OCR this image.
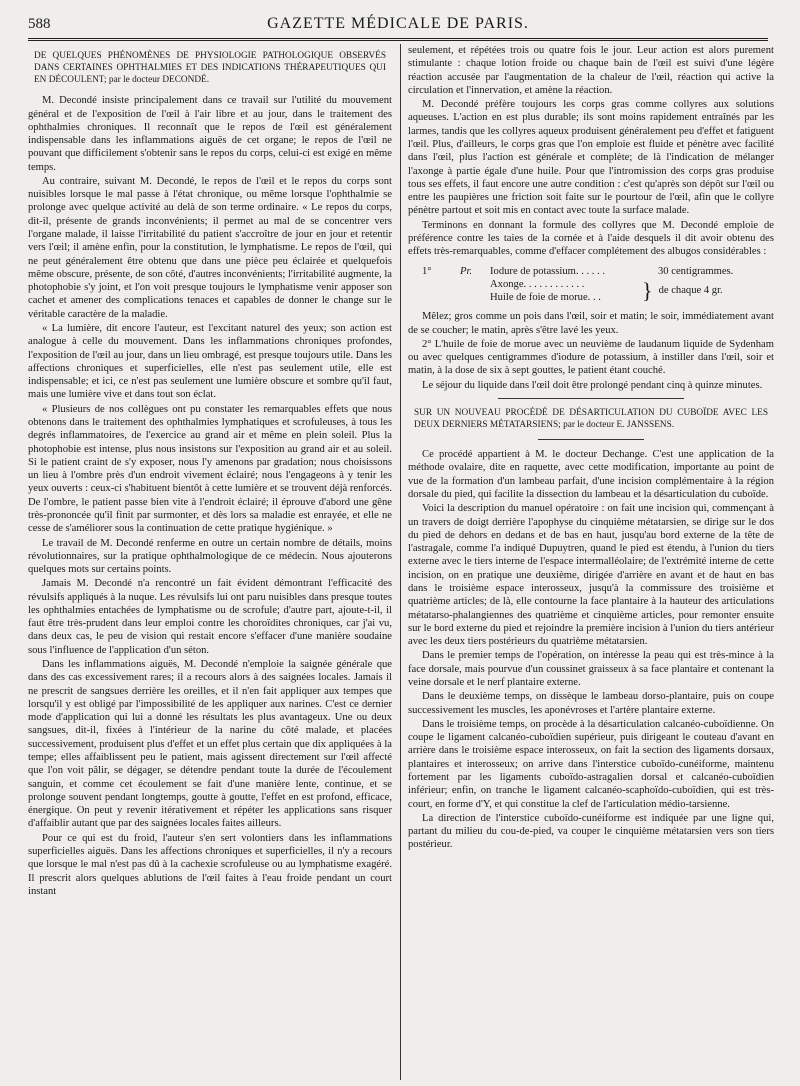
588	GAZETTE MÉDICALE DE PARIS.
DE QUELQUES PHÉNOMÈNES DE PHYSIOLOGIE PATHOLOGIQUE OBSERVÉS DANS CERTAINES OPHTHALMIES ET DES INDICATIONS THÉRAPEUTIQUES QUI EN DÉCOULENT; par le docteur DECONDÉ.

M. Decondé insiste principalement dans ce travail sur l'utilité du mouvement général et de l'exposition de l'œil à l'air libre et au jour, dans le traitement des ophthalmies chroniques. Il reconnaît que le repos de l'œil est généralement indispensable dans les inflammations aiguës de cet organe; le repos de l'œil ne pouvant que difficilement s'obtenir sans le repos du corps, celui-ci est exigé en même temps.

Au contraire, suivant M. Decondé, le repos de l'œil et le repos du corps sont nuisibles lorsque le mal passe à l'état chronique, ou même lorsque l'ophthalmie se prolonge avec quelque activité au delà de son terme ordinaire. « Le repos du corps, dit-il, présente de grands inconvénients; il permet au mal de se concentrer vers l'organe malade, il laisse l'irritabilité du patient s'accroître de jour en jour et retentir vers l'œil; il amène enfin, pour la constitution, le lymphatisme. Le repos de l'œil, qui ne peut généralement être obtenu que dans une pièce peu éclairée et quelquefois même obscure, présente, de son côté, d'autres inconvénients; l'irritabilité augmente, la photophobie s'y joint, et l'on voit presque toujours le lymphatisme venir apposer son cachet et amener des complications tenaces et capables de donner le change sur le véritable caractère de la maladie.

« La lumière, dit encore l'auteur, est l'excitant naturel des yeux; son action est analogue à celle du mouvement. Dans les inflammations chroniques profondes, l'exposition de l'œil au jour, dans un lieu ombragé, est presque toujours utile. Dans les affections chroniques et superficielles, elle n'est pas seulement utile, elle est indispensable; et ici, ce n'est pas seulement une lumière obscure et sombre qu'il faut, mais une lumière vive et dans tout son éclat.

« Plusieurs de nos collègues ont pu constater les remarquables effets que nous obtenons dans le traitement des ophthalmies lymphatiques et scrofuleuses, à tous les degrés inflammatoires, de l'exercice au grand air et même en plein soleil. Plus la photophobie est intense, plus nous insistons sur l'exposition au grand air et au soleil. Si le patient craint de s'y exposer, nous l'y amenons par gradation; nous choisissons un lieu à l'ombre près d'un endroit vivement éclairé; nous l'engageons à y tenir les yeux ouverts : ceux-ci s'habituent bientôt à cette lumière et se trouvent déjà renforcés. De l'ombre, le patient passe bien vite à l'endroit éclairé; il éprouve d'abord une gêne très-prononcée qu'il finit par surmonter, et dès lors sa maladie est enrayée, et elle ne cesse de s'améliorer sous la continuation de cette pratique hygiénique. »

Le travail de M. Decondé renferme en outre un certain nombre de détails, moins révolutionnaires, sur la pratique ophthalmologique de ce médecin. Nous ajouterons quelques mots sur certains points.

Jamais M. Decondé n'a rencontré un fait évident démontrant l'efficacité des révulsifs appliqués à la nuque. Les révulsifs lui ont paru nuisibles dans presque toutes les ophthalmies entachées de lymphatisme ou de scrofule; d'autre part, ajoute-t-il, il faut être très-prudent dans leur emploi contre les choroïdites chroniques, car j'ai vu, dans deux cas, le peu de vision qui restait encore s'effacer d'une manière soudaine sous l'influence de l'application d'un séton.

Dans les inflammations aiguës, M. Decondé n'emploie la saignée générale que dans des cas excessivement rares; il a recours alors à des saignées locales. Jamais il ne prescrit de sangsues derrière les oreilles, et il n'en fait appliquer aux tempes que lorsqu'il y est obligé par l'impossibilité de les appliquer aux narines. C'est ce dernier mode d'application qui lui a donné les résultats les plus avantageux. Une ou deux sangsues, dit-il, fixées à l'intérieur de la narine du côté malade, et placées successivement, produisent plus d'effet et un effet plus certain que dix appliquées à la tempe; elles affaiblissent peu le patient, mais agissent directement sur l'œil affecté que l'on voit pâlir, se dégager, se détendre pendant toute la durée de l'écoulement sanguin, et comme cet écoulement se fait d'une manière lente, continue, et se prolonge souvent pendant longtemps, goutte à goutte, l'effet en est profond, efficace, énergique. On peut y revenir itérativement et répéter les applications sans risquer d'affaiblir autant que par des saignées locales faites ailleurs.

Pour ce qui est du froid, l'auteur s'en sert volontiers dans les inflammations superficielles aiguës. Dans les affections chroniques et superficielles, il n'y a recours que lorsque le mal n'est pas dû à la cachexie scrofuleuse ou au lymphatisme exagéré. Il prescrit alors quelques ablutions de l'œil faites à l'eau froide pendant un court instant

seulement, et répétées trois ou quatre fois le jour. Leur action est alors purement stimulante : chaque lotion froide ou chaque bain de l'œil est suivi d'une légère réaction accusée par l'augmentation de la chaleur de l'œil, réaction qui active la circulation et l'innervation, et amène la réaction.

M. Decondé préfère toujours les corps gras comme collyres aux solutions aqueuses. L'action en est plus durable; ils sont moins rapidement entraînés par les larmes, tandis que les collyres aqueux produisent généralement peu d'effet et fatiguent l'œil. Plus, d'ailleurs, le corps gras que l'on emploie est fluide et pénètre avec facilité dans l'œil, plus l'action est générale et complète; de là l'indication de mélanger l'axonge à partie égale d'une huile. Pour que l'intromission des corps gras produise tous ses effets, il faut encore une autre condition : c'est qu'après son dépôt sur l'œil ou entre les paupières une friction soit faite sur le pourtour de l'œil, afin que le collyre pénètre partout et soit mis en contact avec toute la surface malade.

Terminons en donnant la formule des collyres que M. Decondé emploie de préférence contre les taies de la cornée et à l'aide desquels il dit avoir obtenu des effets très-remarquables, comme d'effacer complétement des albugos considérables :

1°	Pr.	Iodure de potassium. . . . . .	30 centigrammes.
Axonge. . . . . . . . . . . .
Huile de foie de morue. . .	} de chaque 4 gr.

Mêlez; gros comme un pois dans l'œil, soir et matin; le soir, immédiatement avant de se coucher; le matin, après s'être lavé les yeux.

2° L'huile de foie de morue avec un neuvième de laudanum liquide de Sydenham ou avec quelques centigrammes d'iodure de potassium, à instiller dans l'œil, soir et matin, à la dose de six à sept gouttes, le patient étant couché.

Le séjour du liquide dans l'œil doit être prolongé pendant cinq à quinze minutes.

SUR UN NOUVEAU PROCÉDÉ DE DÉSARTICULATION DU CUBOÏDE AVEC LES DEUX DERNIERS MÉTATARSIENS; par le docteur E. JANSSENS.

Ce procédé appartient à M. le docteur Dechange. C'est une application de la méthode ovalaire, dite en raquette, avec cette modification, importante au point de vue de la formation d'un lambeau parfait, d'une incision complémentaire à la région dorsale du pied, qui facilite la dissection du lambeau et la désarticulation du cuboïde.

Voici la description du manuel opératoire : on fait une incision qui, commençant à un travers de doigt derrière l'apophyse du cinquième métatarsien, se dirige sur le dos du pied de dehors en dedans et de bas en haut, jusqu'au bord externe de la tête de l'astragale, comme l'a indiqué Dupuytren, quand le pied est étendu, à l'union du tiers externe avec le tiers interne de l'espace intermalléolaire; de l'extrémité interne de cette incision, on en pratique une deuxième, dirigée d'arrière en avant et de haut en bas dans le troisième espace interosseux, jusqu'à la commissure des troisième et quatrième articles; de là, elle contourne la face plantaire à la hauteur des articulations métatarso-phalangiennes des quatrième et cinquième articles, pour remonter ensuite sur le bord externe du pied et rejoindre la première incision à l'union du tiers antérieur avec les deux tiers postérieurs du quatrième métatarsien.

Dans le premier temps de l'opération, on intéresse la peau qui est très-mince à la face dorsale, mais pourvue d'un coussinet graisseux à sa face plantaire et contenant la veine dorsale et le nerf plantaire externe.

Dans le deuxième temps, on dissèque le lambeau dorso-plantaire, puis on coupe successivement les muscles, les aponévroses et l'artère plantaire externe.

Dans le troisième temps, on procède à la désarticulation calcanéo-cuboïdienne. On coupe le ligament calcanéo-cuboïdien supérieur, puis dirigeant le couteau d'avant en arrière dans le troisième espace interosseux, on fait la section des ligaments dorsaux, plantaires et interosseux; on arrive dans l'interstice cuboïdo-cunéiforme, maintenu fortement par les ligaments cuboïdo-astragalien dorsal et calcanéo-cuboïdien inférieur; enfin, on tranche le ligament calcanéo-scaphoïdo-cuboïdien, qui est très-court, en forme d'Y, et qui constitue la clef de l'articulation médio-tarsienne.

La direction de l'interstice cuboïdo-cunéiforme est indiquée par une ligne qui, partant du milieu du cou-de-pied, va couper le cinquième métatarsien vers son tiers postérieur.
